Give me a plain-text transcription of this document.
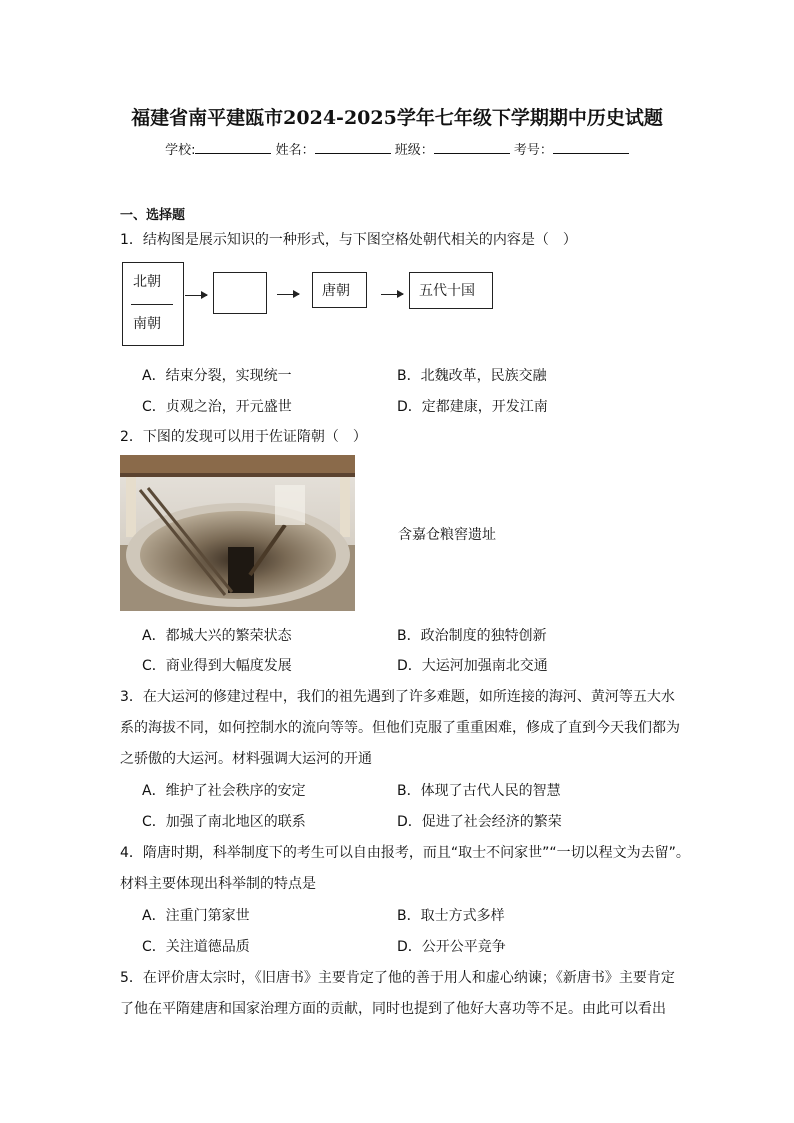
福建省南平建瓯市2024-2025学年七年级下学期期中历史试题
学校:	姓名：	班级：	考号：
一、选择题
1．结构图是展示知识的一种形式，与下图空格处朝代相关的内容是（　）
北朝
南朝
唐朝	五代十国
A．结束分裂，实现统一	B．北魏改革，民族交融
C．贞观之治，开元盛世	D．定都建康，开发江南
2．下图的发现可以用于佐证隋朝（　）
含嘉仓粮窖遗址
A．都城大兴的繁荣状态	B．政治制度的独特创新
C．商业得到大幅度发展	D．大运河加强南北交通
3．在大运河的修建过程中，我们的祖先遇到了许多难题，如所连接的海河、黄河等五大水
系的海拔不同，如何控制水的流向等等。但他们克服了重重困难，修成了直到今天我们都为
之骄傲的大运河。材料强调大运河的开通
A．维护了社会秩序的安定	B．体现了古代人民的智慧
C．加强了南北地区的联系	D．促进了社会经济的繁荣
4．隋唐时期，科举制度下的考生可以自由报考，而且“取士不问家世”“一切以程文为去留”。
材料主要体现出科举制的特点是
A．注重门第家世	B．取士方式多样
C．关注道德品质	D．公开公平竞争
5．在评价唐太宗时，《旧唐书》主要肯定了他的善于用人和虚心纳谏；《新唐书》主要肯定
了他在平隋建唐和国家治理方面的贡献，同时也提到了他好大喜功等不足。由此可以看出
